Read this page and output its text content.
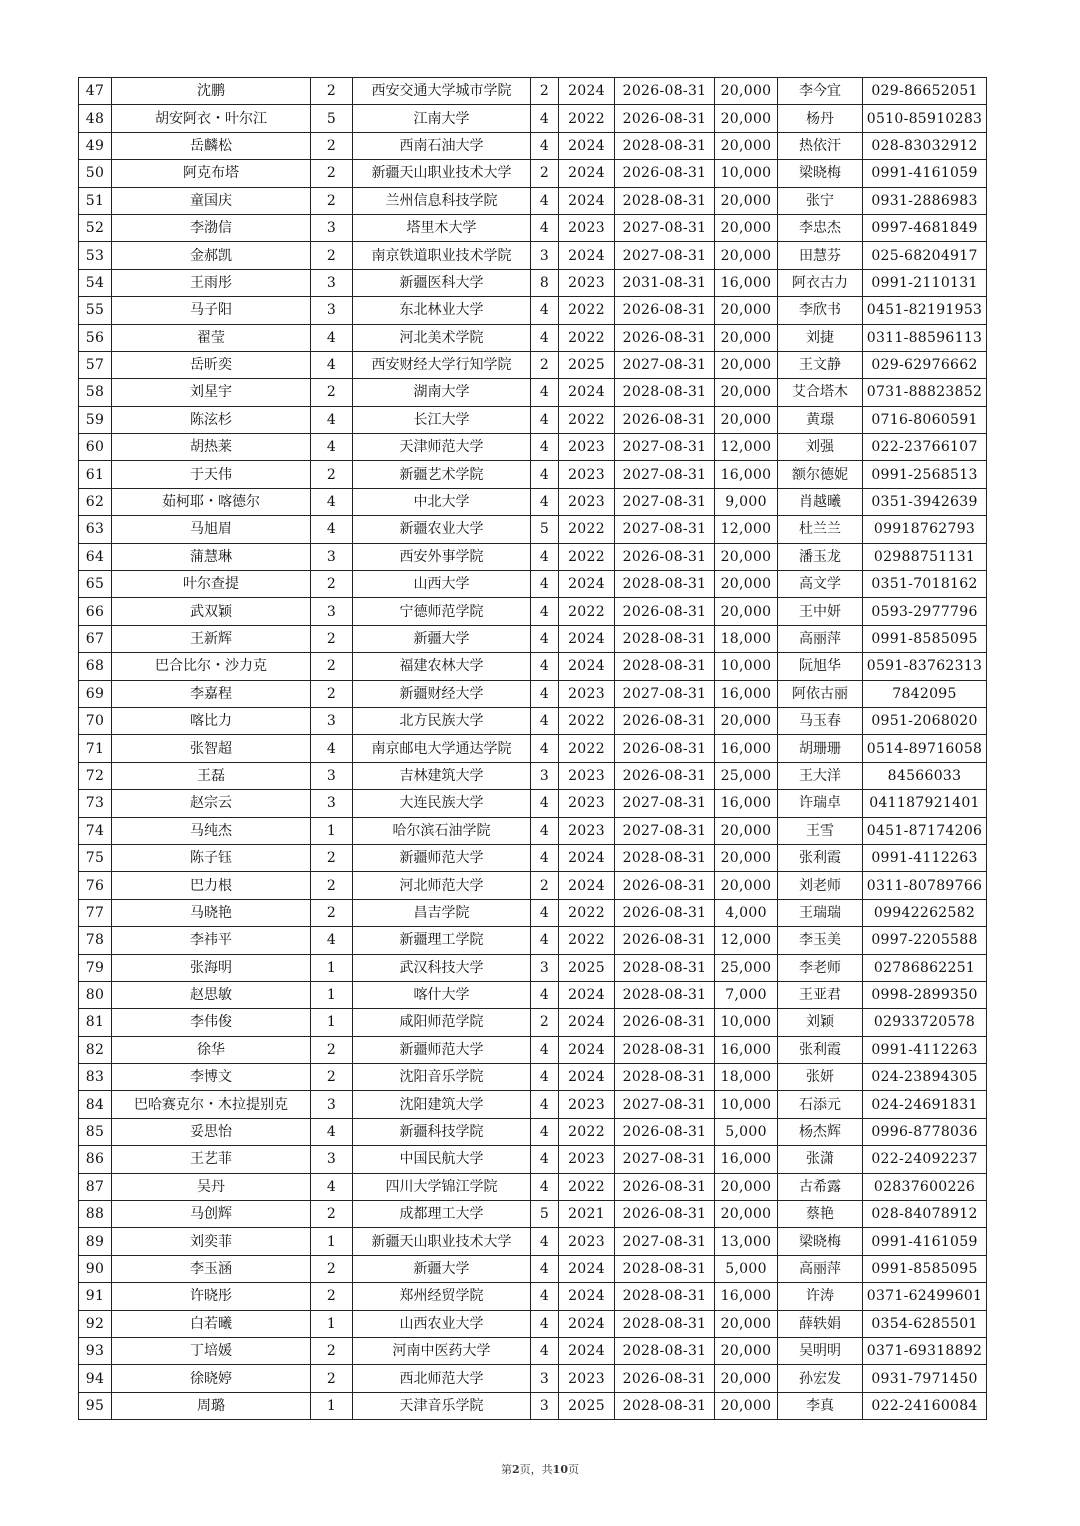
47	沈鹏	2	西安交通大学城市学院	2	2024	2026-08-31	20,000	李今宜	029-86652051
48	胡安阿衣・叶尔江	5	江南大学	4	2022	2026-08-31	20,000	杨丹	0510-85910283
49	岳麟松	2	西南石油大学	4	2024	2028-08-31	20,000	热依汗	028-83032912
50	阿克布塔	2	新疆天山职业技术大学	2	2024	2026-08-31	10,000	梁晓梅	0991-4161059
51	童国庆	2	兰州信息科技学院	4	2024	2028-08-31	20,000	张宁	0931-2886983
52	李渤信	3	塔里木大学	4	2023	2027-08-31	20,000	李忠杰	0997-4681849
53	金郝凯	2	南京铁道职业技术学院	3	2024	2027-08-31	20,000	田慧芬	025-68204917
54	王雨彤	3	新疆医科大学	8	2023	2031-08-31	16,000	阿衣古力	0991-2110131
55	马子阳	3	东北林业大学	4	2022	2026-08-31	20,000	李欣书	0451-82191953
56	翟莹	4	河北美术学院	4	2022	2026-08-31	20,000	刘捷	0311-88596113
57	岳昕奕	4	西安财经大学行知学院	2	2025	2027-08-31	20,000	王文静	029-62976662
58	刘星宇	2	湖南大学	4	2024	2028-08-31	20,000	艾合塔木	0731-88823852
59	陈泫杉	4	长江大学	4	2022	2026-08-31	20,000	黄璟	0716-8060591
60	胡热莱	4	天津师范大学	4	2023	2027-08-31	12,000	刘强	022-23766107
61	于天伟	2	新疆艺术学院	4	2023	2027-08-31	16,000	额尔德妮	0991-2568513
62	茹柯耶・喀德尔	4	中北大学	4	2023	2027-08-31	9,000	肖越曦	0351-3942639
63	马旭眉	4	新疆农业大学	5	2022	2027-08-31	12,000	杜兰兰	09918762793
64	蒲慧琳	3	西安外事学院	4	2022	2026-08-31	20,000	潘玉龙	02988751131
65	叶尔查提	2	山西大学	4	2024	2028-08-31	20,000	高文学	0351-7018162
66	武双颖	3	宁德师范学院	4	2022	2026-08-31	20,000	王中妍	0593-2977796
67	王新辉	2	新疆大学	4	2024	2028-08-31	18,000	高丽萍	0991-8585095
68	巴合比尔・沙力克	2	福建农林大学	4	2024	2028-08-31	10,000	阮旭华	0591-83762313
69	李嘉程	2	新疆财经大学	4	2023	2027-08-31	16,000	阿依古丽	7842095
70	喀比力	3	北方民族大学	4	2022	2026-08-31	20,000	马玉春	0951-2068020
71	张智超	4	南京邮电大学通达学院	4	2022	2026-08-31	16,000	胡珊珊	0514-89716058
72	王磊	3	吉林建筑大学	3	2023	2026-08-31	25,000	王大洋	84566033
73	赵宗云	3	大连民族大学	4	2023	2027-08-31	16,000	许瑞卓	041187921401
74	马纯杰	1	哈尔滨石油学院	4	2023	2027-08-31	20,000	王雪	0451-87174206
75	陈子钰	2	新疆师范大学	4	2024	2028-08-31	20,000	张利霞	0991-4112263
76	巴力根	2	河北师范大学	2	2024	2026-08-31	20,000	刘老师	0311-80789766
77	马晓艳	2	昌吉学院	4	2022	2026-08-31	4,000	王瑞瑞	09942262582
78	李祎平	4	新疆理工学院	4	2022	2026-08-31	12,000	李玉美	0997-2205588
79	张海明	1	武汉科技大学	3	2025	2028-08-31	25,000	李老师	02786862251
80	赵思敏	1	喀什大学	4	2024	2028-08-31	7,000	王亚君	0998-2899350
81	李伟俊	1	咸阳师范学院	2	2024	2026-08-31	10,000	刘颖	02933720578
82	徐华	2	新疆师范大学	4	2024	2028-08-31	16,000	张利霞	0991-4112263
83	李博文	2	沈阳音乐学院	4	2024	2028-08-31	18,000	张妍	024-23894305
84	巴哈赛克尔・木拉提别克	3	沈阳建筑大学	4	2023	2027-08-31	10,000	石添元	024-24691831
85	妥思怡	4	新疆科技学院	4	2022	2026-08-31	5,000	杨杰辉	0996-8778036
86	王艺菲	3	中国民航大学	4	2023	2027-08-31	16,000	张潇	022-24092237
87	吴丹	4	四川大学锦江学院	4	2022	2026-08-31	20,000	古希露	02837600226
88	马创辉	2	成都理工大学	5	2021	2026-08-31	20,000	蔡艳	028-84078912
89	刘奕菲	1	新疆天山职业技术大学	4	2023	2027-08-31	13,000	梁晓梅	0991-4161059
90	李玉涵	2	新疆大学	4	2024	2028-08-31	5,000	高丽萍	0991-8585095
91	许晓彤	2	郑州经贸学院	4	2024	2028-08-31	16,000	许涛	0371-62499601
92	白若曦	1	山西农业大学	4	2024	2028-08-31	20,000	薛轶娟	0354-6285501
93	丁培媛	2	河南中医药大学	4	2024	2028-08-31	20,000	吴明明	0371-69318892
94	徐晓婷	2	西北师范大学	3	2023	2026-08-31	20,000	孙宏发	0931-7971450
95	周璐	1	天津音乐学院	3	2025	2028-08-31	20,000	李真	022-24160084
第2页，共10页
